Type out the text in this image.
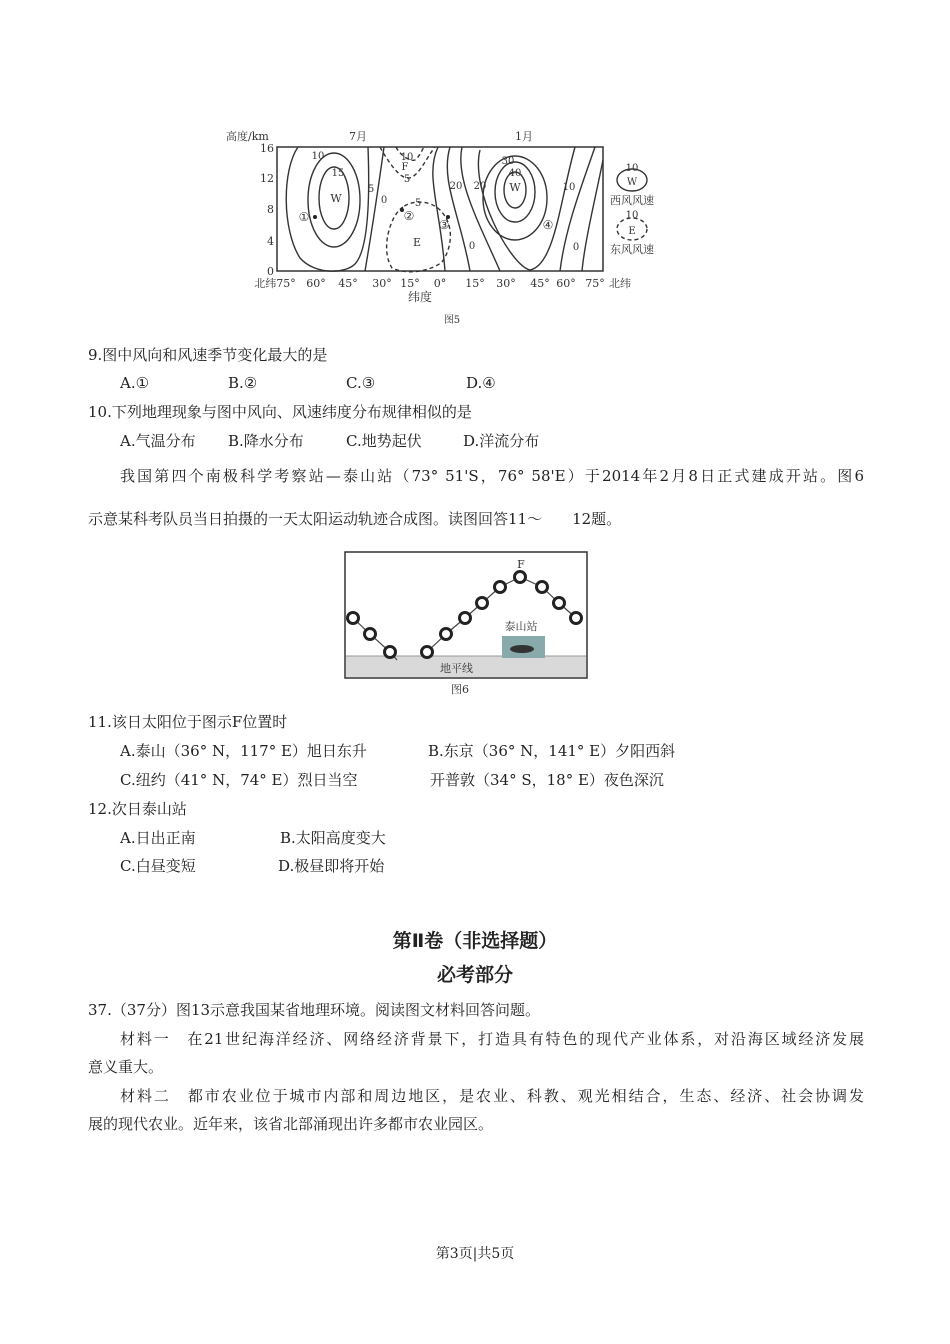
高度/km	7月	1月
16
12
8
4
0
北纬75° 60° 45° 30° 15° 0° 15° 30° 45° 60° 75° 北纬
纬度
图5
10
15
W
5
0
10
F
5
5
E
20 20
30
40
W	10
0	0
①	②
③	④
10
W
西风风速
10
E
东风风速
9.图中风向和风速季节变化最大的是
A.①	B.②	C.③	D.④
10.下列地理现象与图中风向、风速纬度分布规律相似的是
A.气温分布 B.降水分布	C.地势起伏	D.洋流分布
我国第四个南极科学考察站—泰山站（73° 51'S，76° 58'E）于2014年2月8日正式建成开站。图6
示意某科考队员当日拍摄的一天太阳运动轨迹合成图。读图回答11～　　12题。
F
泰山站
地平线
图6
11.该日太阳位于图示F位置时
A.泰山（36° N，117° E）旭日东升	B.东京（36° N，141° E）夕阳西斜
C.纽约（41° N，74° E）烈日当空	开普敦（34° S，18° E）夜色深沉
12.次日泰山站
A.日出正南	B.太阳高度变大
C.白昼变短	D.极昼即将开始
第Ⅱ卷（非选择题）
必考部分
37.（37分）图13示意我国某省地理环境。阅读图文材料回答问题。
材料一　在21世纪海洋经济、网络经济背景下，打造具有特色的现代产业体系，对沿海区域经济发展
意义重大。
材料二　都市农业位于城市内部和周边地区，是农业、科教、观光相结合，生态、经济、社会协调发
展的现代农业。近年来，该省北部涌现出许多都市农业园区。
第3页|共5页
